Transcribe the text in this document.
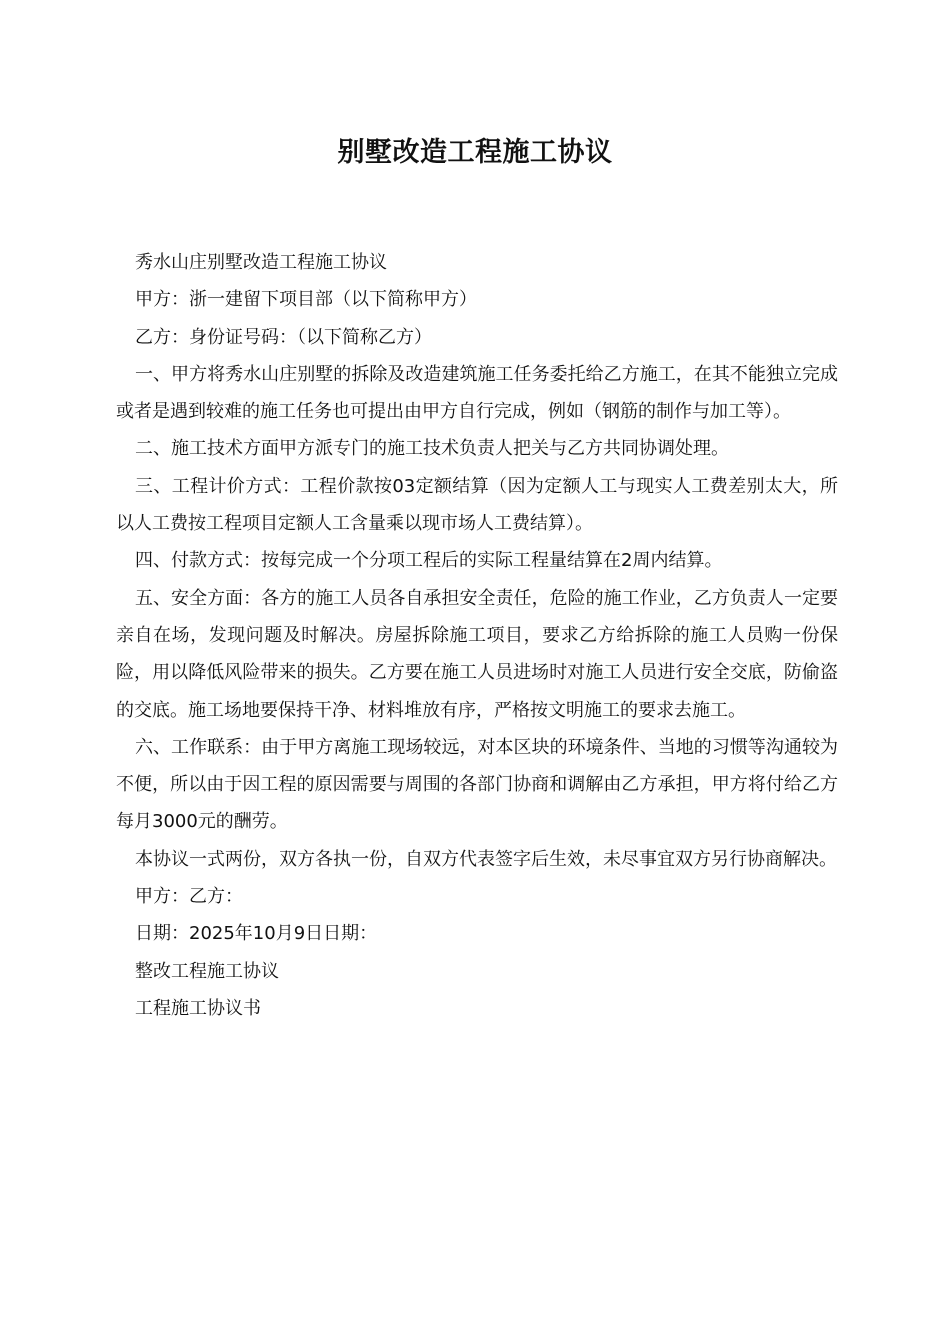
别墅改造工程施工协议

秀水山庄别墅改造工程施工协议

甲方：浙一建留下项目部（以下简称甲方）

乙方：身份证号码：（以下简称乙方）

一、甲方将秀水山庄别墅的拆除及改造建筑施工任务委托给乙方施工，在其不能独立完成或者是遇到较难的施工任务也可提出由甲方自行完成，例如（钢筋的制作与加工等）。

二、施工技术方面甲方派专门的施工技术负责人把关与乙方共同协调处理。

三、工程计价方式：工程价款按03定额结算（因为定额人工与现实人工费差别太大，所以人工费按工程项目定额人工含量乘以现市场人工费结算）。

四、付款方式：按每完成一个分项工程后的实际工程量结算在2周内结算。

五、安全方面：各方的施工人员各自承担安全责任，危险的施工作业，乙方负责人一定要亲自在场，发现问题及时解决。房屋拆除施工项目，要求乙方给拆除的施工人员购一份保险，用以降低风险带来的损失。乙方要在施工人员进场时对施工人员进行安全交底，防偷盗的交底。施工场地要保持干净、材料堆放有序，严格按文明施工的要求去施工。

六、工作联系：由于甲方离施工现场较远，对本区块的环境条件、当地的习惯等沟通较为不便，所以由于因工程的原因需要与周围的各部门协商和调解由乙方承担，甲方将付给乙方每月3000元的酬劳。

本协议一式两份，双方各执一份，自双方代表签字后生效，未尽事宜双方另行协商解决。

甲方：乙方：

日期：2025年10月9日日期：

整改工程施工协议

工程施工协议书
